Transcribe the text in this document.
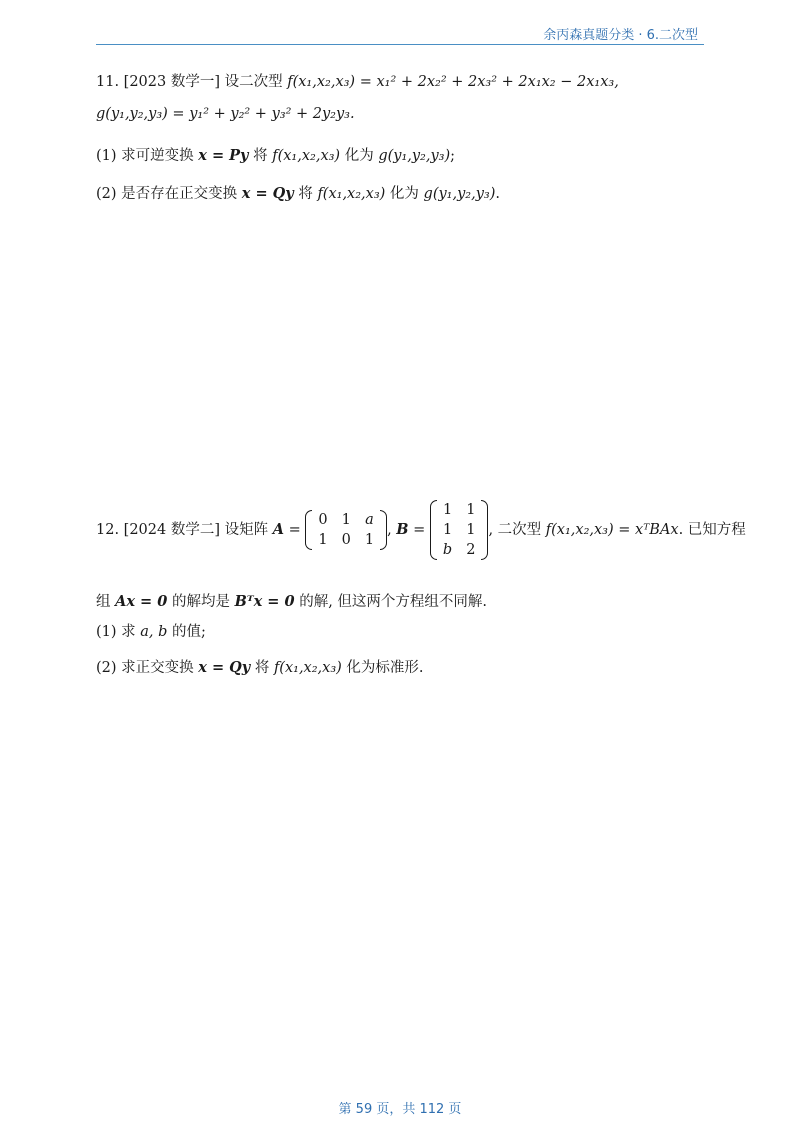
余丙森真题分类 · 6.二次型
11. [2023 数学一] 设二次型 f(x₁,x₂,x₃) = x₁² + 2x₂² + 2x₃² + 2x₁x₂ − 2x₁x₃,
g(y₁,y₂,y₃) = y₁² + y₂² + y₃² + 2y₂y₃.
(1) 求可逆变换 x = Py 将 f(x₁,x₂,x₃) 化为 g(y₁,y₂,y₃);
(2) 是否存在正交变换 x = Qy 将 f(x₁,x₂,x₃) 化为 g(y₁,y₂,y₃).
12. [2024 数学二] 设矩阵 A =
0	1	a
1	0	1
, B =
1	1
1	1
b	2
, 二次型 f(x₁,x₂,x₃) = xᵀBAx. 已知方程
组 Ax = 0 的解均是 Bᵀx = 0 的解, 但这两个方程组不同解.
(1) 求 a, b 的值;
(2) 求正交变换 x = Qy 将 f(x₁,x₂,x₃) 化为标准形.
第 59 页，共 112 页
